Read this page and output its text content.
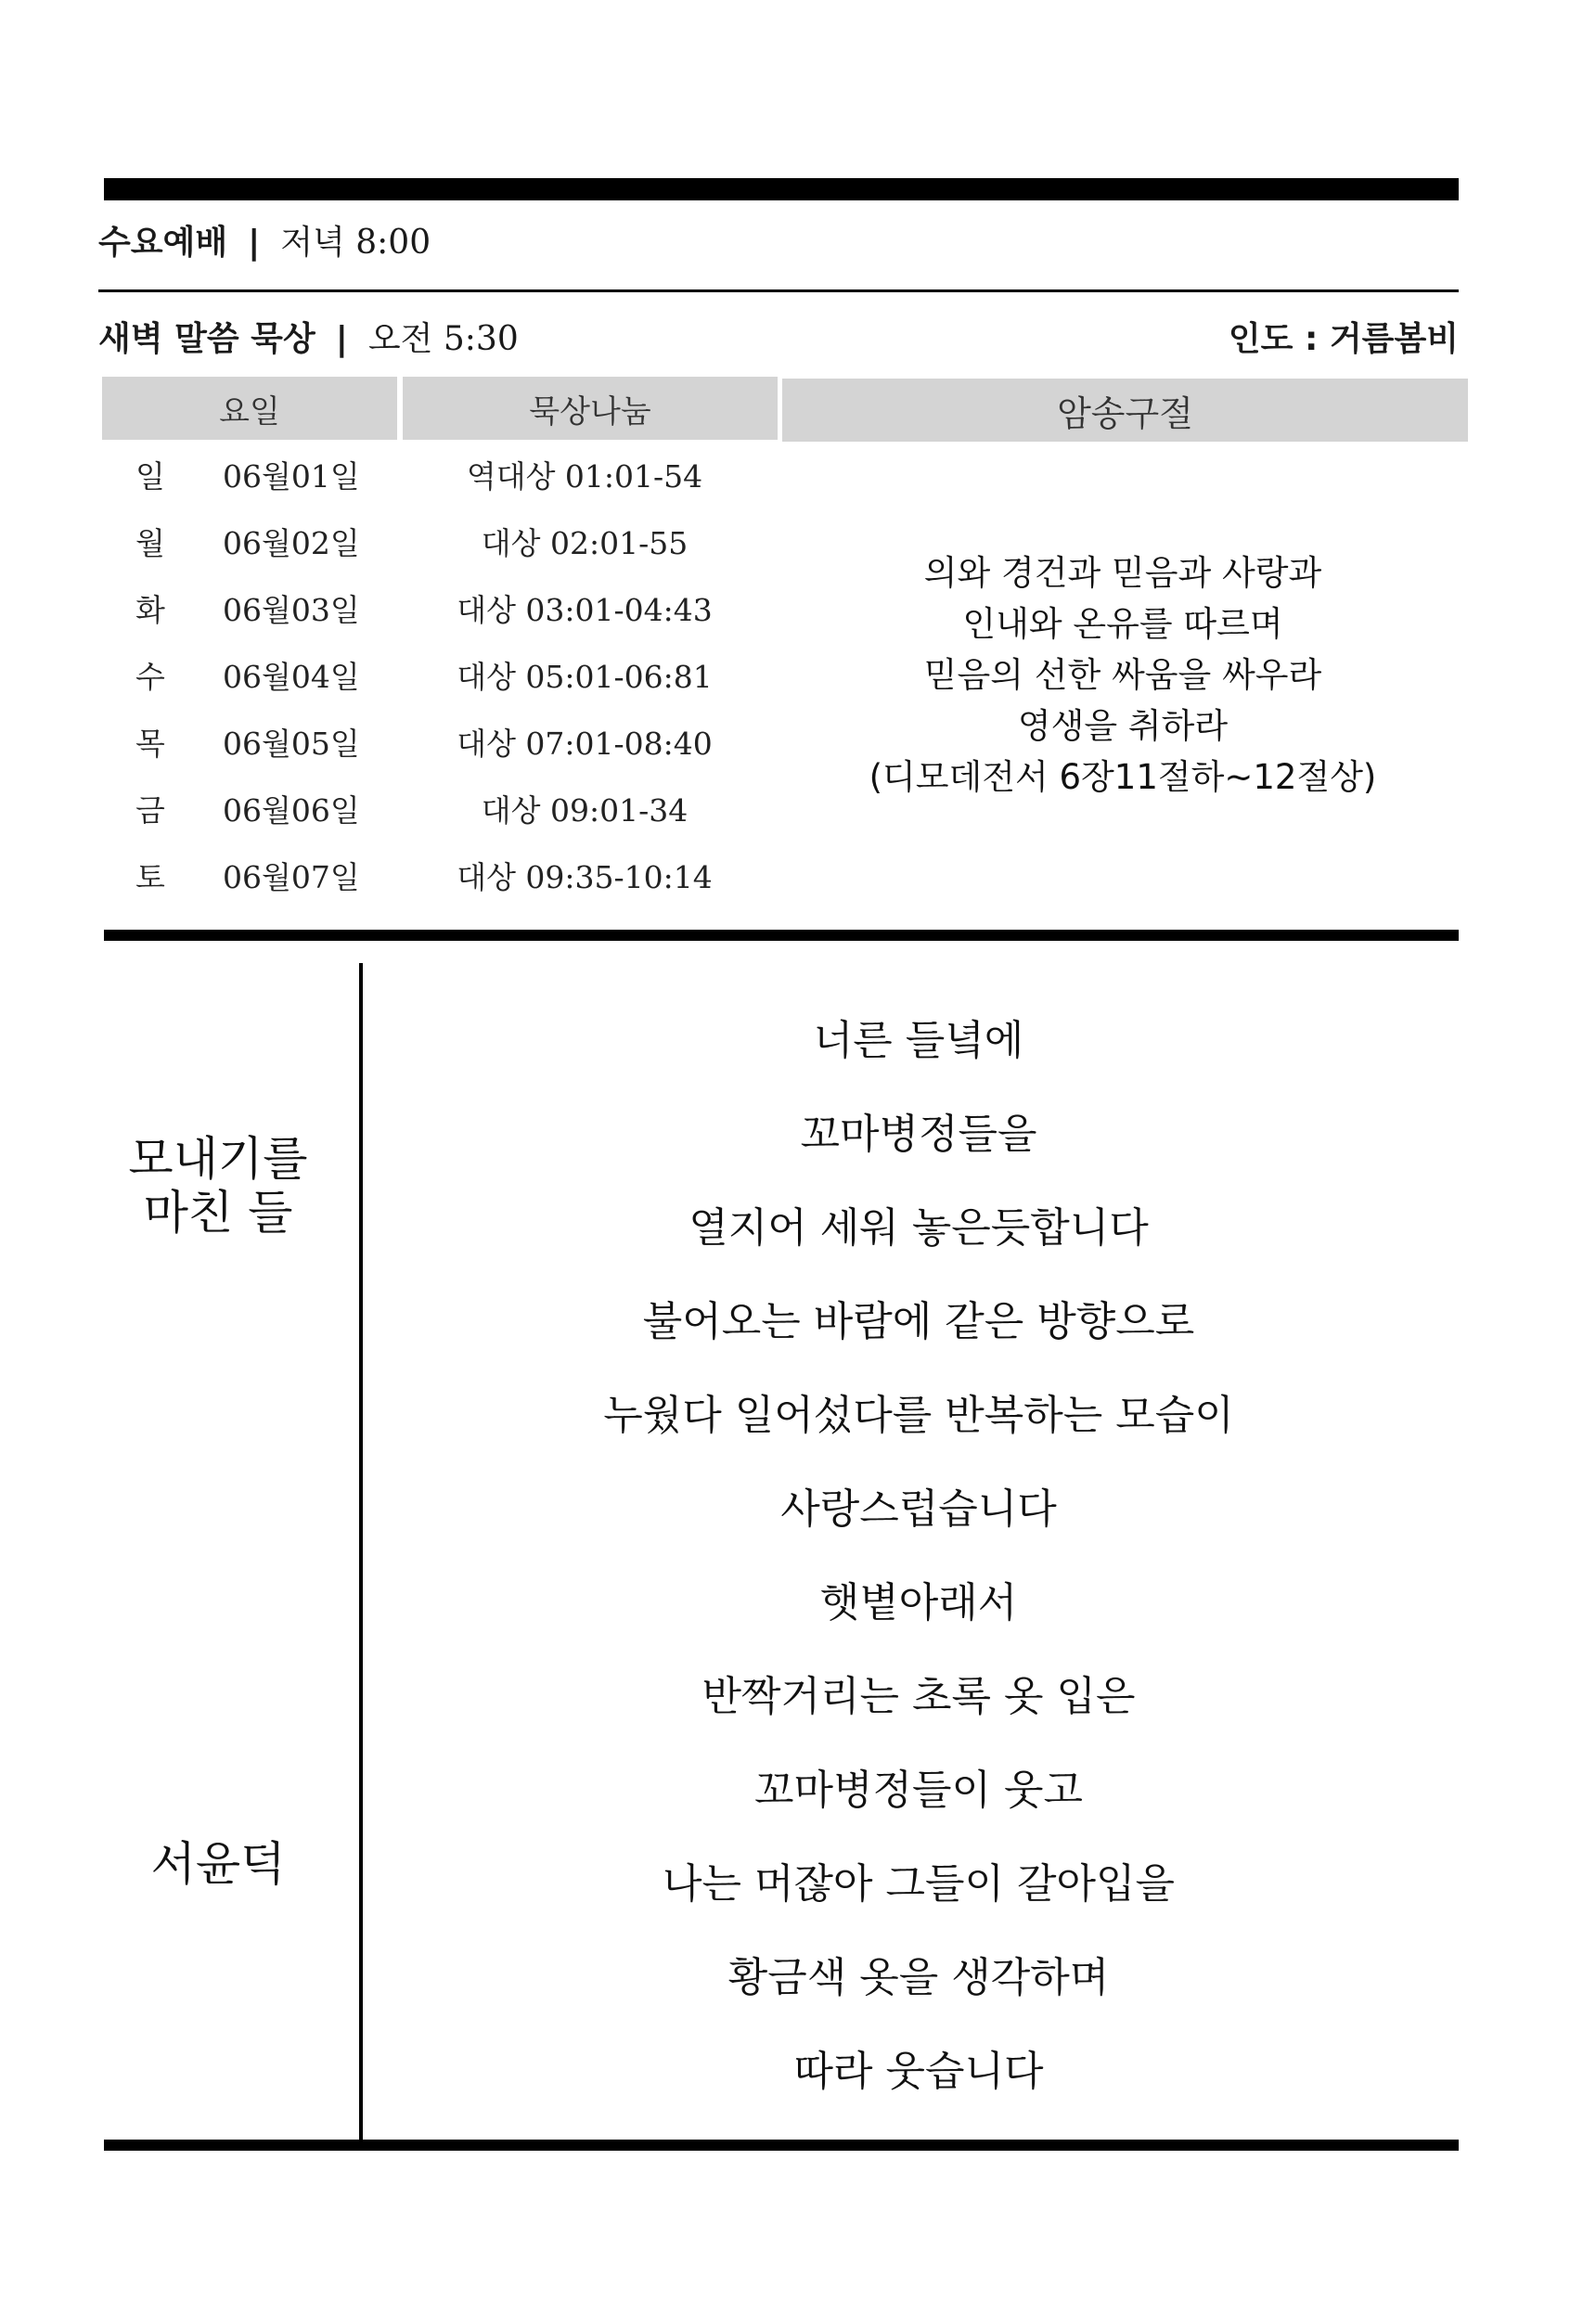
수요예배 | 저녁 8:00
새벽 말씀 묵상 | 오전 5:30	인도 : 거름봄비
요일	묵상나눔	암송구절
일	06월01일	역대상 01:01-54
월	06월02일	대상 02:01-55
화	06월03일	대상 03:01-04:43
수	06월04일	대상 05:01-06:81
목	06월05일	대상 07:01-08:40
금	06월06일	대상 09:01-34
토	06월07일	대상 09:35-10:14
의와 경건과 믿음과 사랑과
인내와 온유를 따르며
믿음의 선한 싸움을 싸우라
영생을 취하라
(디모데전서 6장11절하~12절상)
모내기를
마친 들
서윤덕
너른 들녘에
꼬마병정들을
열지어 세워 놓은듯합니다
불어오는 바람에 같은 방향으로
누웠다 일어섰다를 반복하는 모습이
사랑스럽습니다
햇볕아래서
반짝거리는 초록 옷 입은
꼬마병정들이 웃고
나는 머잖아 그들이 갈아입을
황금색 옷을 생각하며
따라 웃습니다
